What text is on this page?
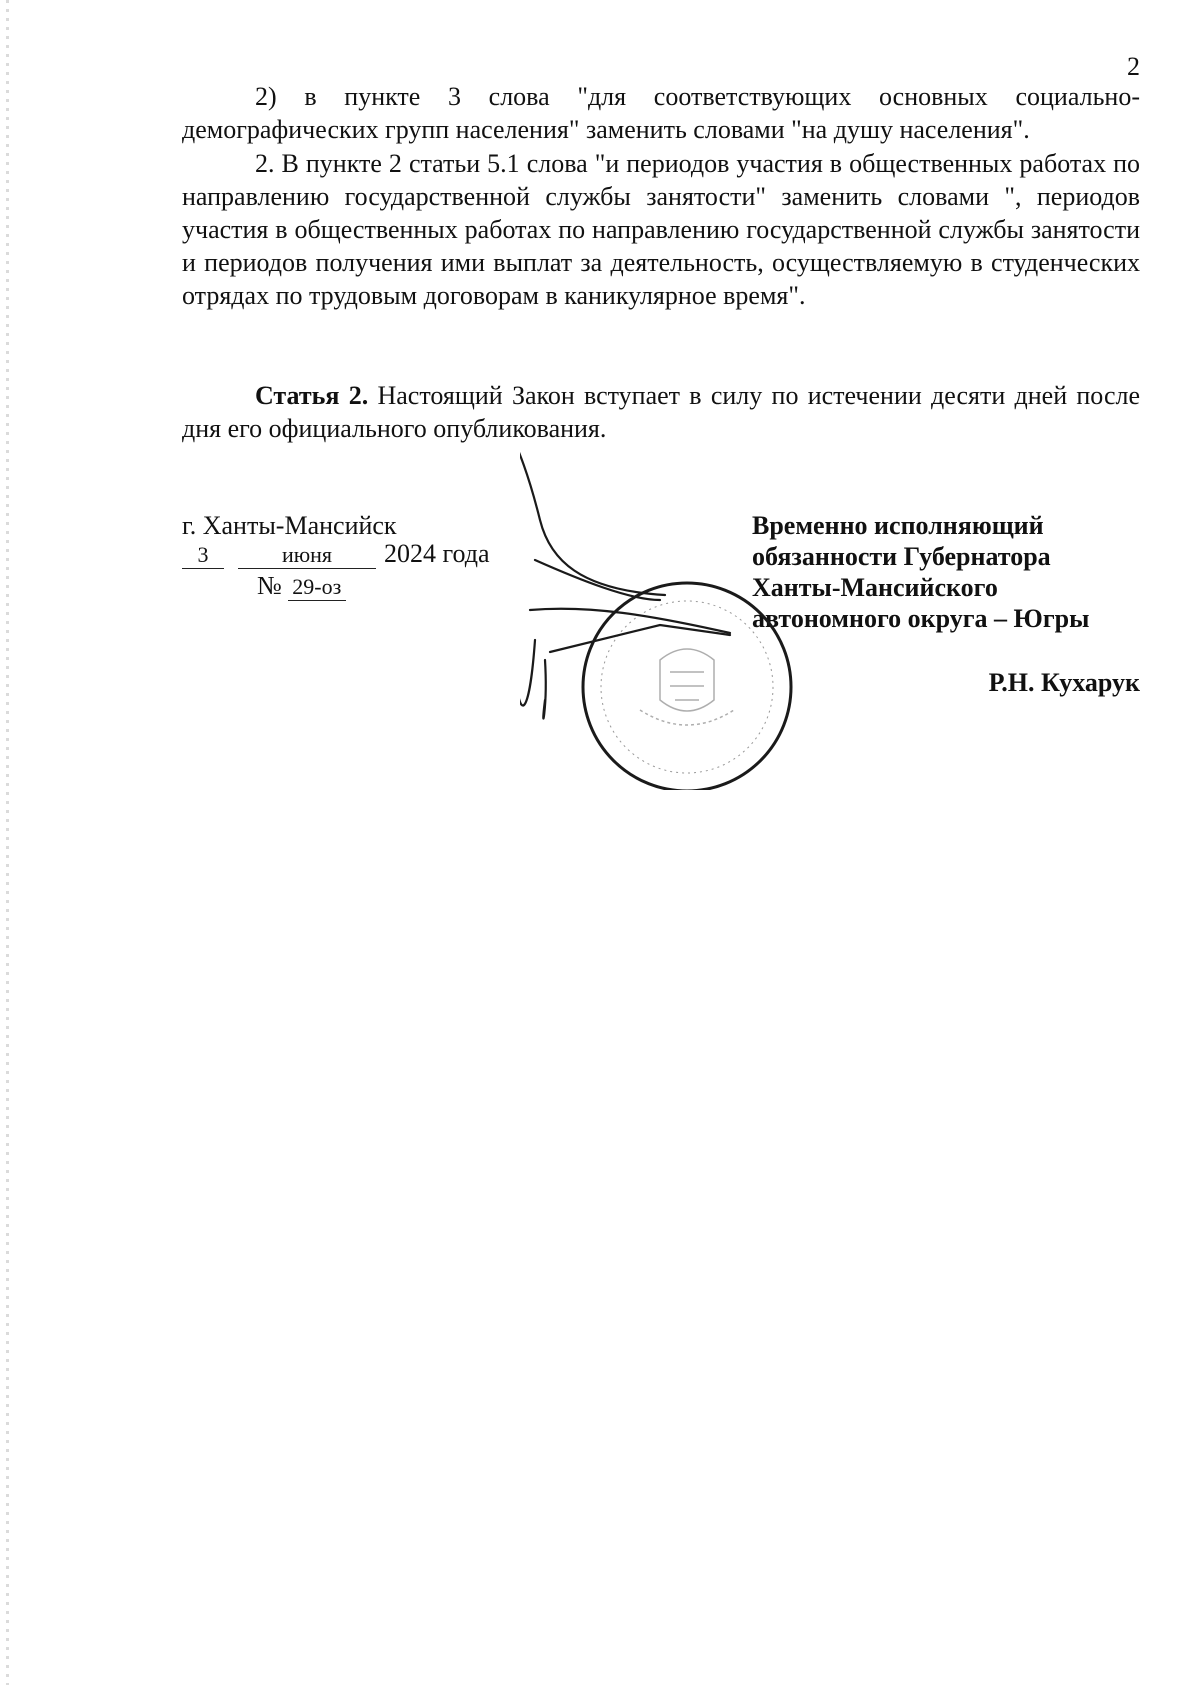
2

2) в пункте 3 слова "для соответствующих основных социально-демографических групп населения" заменить словами "на душу населения".

2. В пункте 2 статьи 5.1 слова "и периодов участия в общественных работах по направлению государственной службы занятости" заменить словами ", периодов участия в общественных работах по направлению государственной службы занятости и периодов получения ими выплат за деятельность, осуществляемую в студенческих отрядах по трудовым договорам в каникулярное время".

Статья 2. Настоящий Закон вступает в силу по истечении десяти дней после дня его официального опубликования.

г. Ханты-Мансийск
3	июня 2024 года
№ 29-оз
Временно исполняющий
обязанности Губернатора
Ханты-Мансийского
автономного округа – Югры
Р.Н. Кухарук
